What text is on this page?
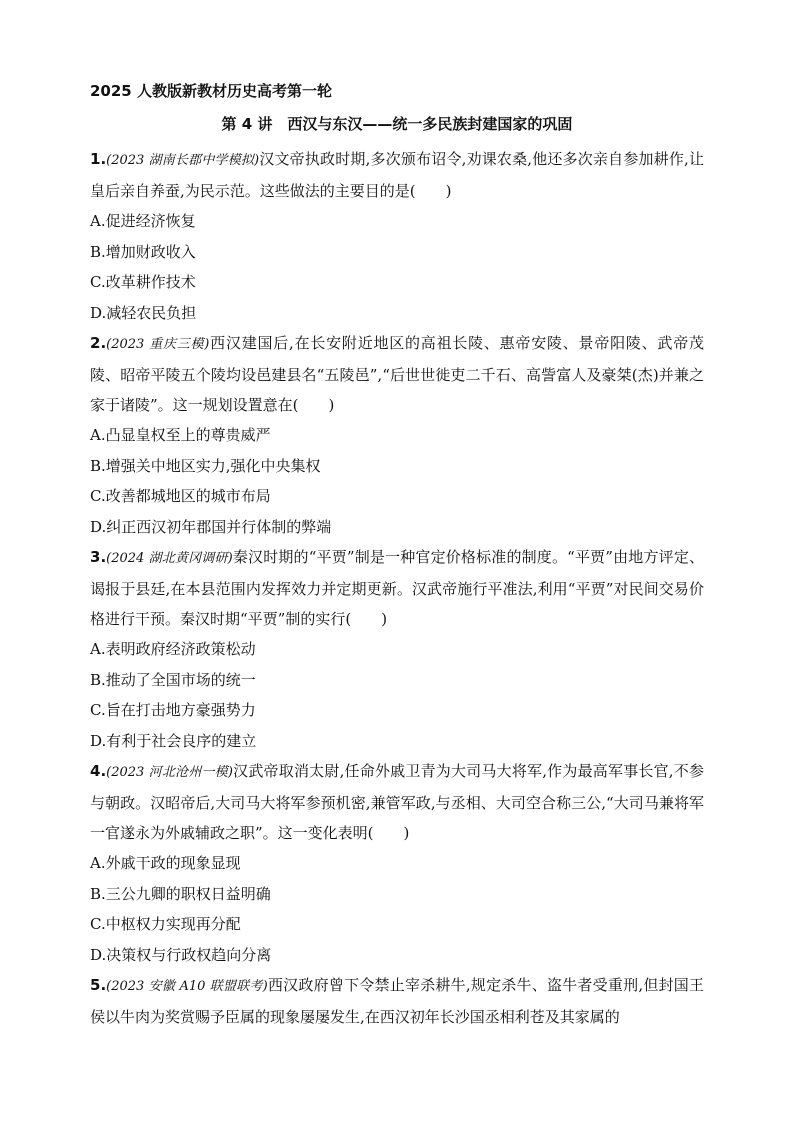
2025 人教版新教材历史高考第一轮
第 4 讲　西汉与东汉——统一多民族封建国家的巩固

1.(2023 湖南长郡中学模拟)汉文帝执政时期,多次颁布诏令,劝课农桑,他还多次亲自参加耕作,让皇后亲自养蚕,为民示范。这些做法的主要目的是(　　)

A.促进经济恢复
B.增加财政收入
C.改革耕作技术
D.减轻农民负担

2.(2023 重庆三模)西汉建国后,在长安附近地区的高祖长陵、惠帝安陵、景帝阳陵、武帝茂陵、昭帝平陵五个陵均设邑建县名“五陵邑”,“后世世徙吏二千石、高訾富人及豪桀(杰)并兼之家于诸陵”。这一规划设置意在(　　)

A.凸显皇权至上的尊贵威严
B.增强关中地区实力,强化中央集权
C.改善都城地区的城市布局
D.纠正西汉初年郡国并行体制的弊端

3.(2024 湖北黄冈调研)秦汉时期的“平贾”制是一种官定价格标准的制度。“平贾”由地方评定、谒报于县廷,在本县范围内发挥效力并定期更新。汉武帝施行平准法,利用“平贾”对民间交易价格进行干预。秦汉时期“平贾”制的实行(　　)

A.表明政府经济政策松动
B.推动了全国市场的统一
C.旨在打击地方豪强势力
D.有利于社会良序的建立

4.(2023 河北沧州一模)汉武帝取消太尉,任命外戚卫青为大司马大将军,作为最高军事长官,不参与朝政。汉昭帝后,大司马大将军参预机密,兼管军政,与丞相、大司空合称三公,“大司马兼将军一官遂永为外戚辅政之职”。这一变化表明(　　)

A.外戚干政的现象显现
B.三公九卿的职权日益明确
C.中枢权力实现再分配
D.决策权与行政权趋向分离

5.(2023 安徽 A10 联盟联考)西汉政府曾下令禁止宰杀耕牛,规定杀牛、盗牛者受重刑,但封国王侯以牛肉为奖赏赐予臣属的现象屡屡发生,在西汉初年长沙国丞相利苍及其家属的
